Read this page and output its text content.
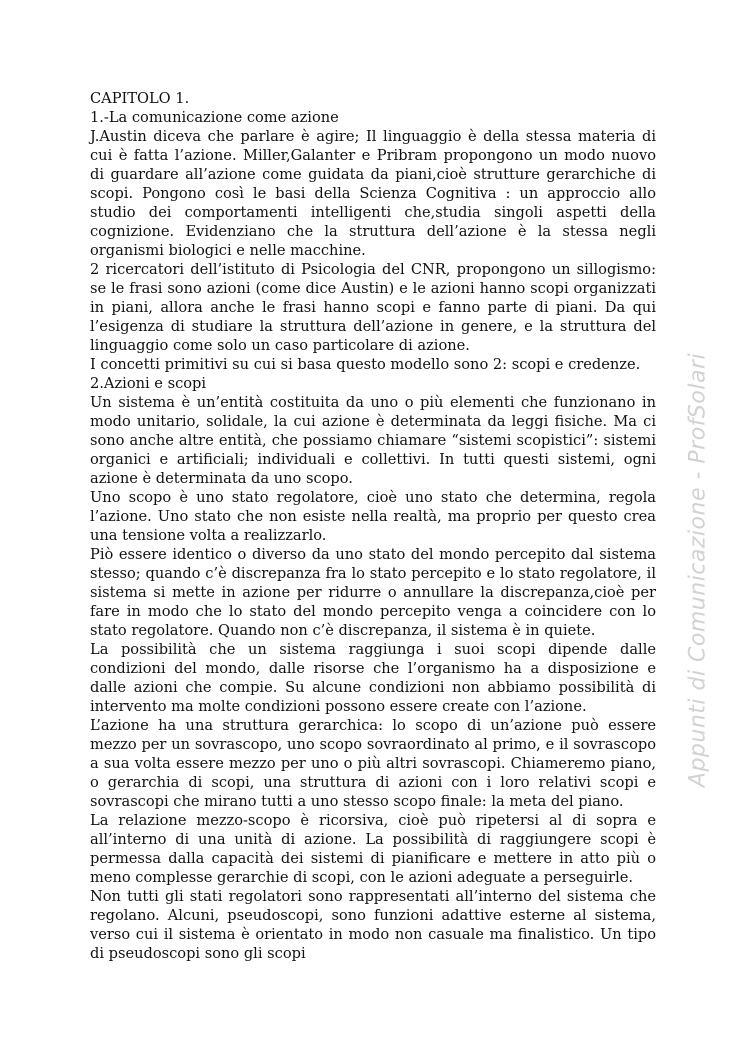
CAPITOLO 1.

1.-La comunicazione come azione

J.Austin diceva che parlare è agire; Il linguaggio è della stessa materia di cui è fatta l’azione. Miller,Galanter e Pribram propongono un modo nuovo di guardare all’azione come guidata da piani,cioè strutture gerarchiche di scopi. Pongono così le basi della Scienza Cognitiva : un approccio allo studio dei comportamenti intelligenti che,studia singoli aspetti della cognizione. Evidenziano che la struttura dell’azione è la stessa negli organismi biologici e nelle macchine.

2 ricercatori dell’istituto di Psicologia del CNR, propongono un sillogismo: se le frasi sono azioni (come dice Austin) e le azioni hanno scopi organizzati in piani, allora anche le frasi hanno scopi e fanno parte di piani. Da qui l’esigenza di studiare la struttura dell’azione in genere, e la struttura del linguaggio come solo un caso particolare di azione.

I concetti primitivi su cui si basa questo modello sono 2: scopi e credenze.

2.Azioni e scopi

Un sistema è un’entità costituita da uno o più elementi che funzionano in modo unitario, solidale, la cui azione è determinata da leggi fisiche. Ma ci sono anche altre entità, che possiamo chiamare “sistemi scopistici”: sistemi organici e artificiali; individuali e collettivi. In tutti questi sistemi, ogni azione è determinata da uno scopo.

Uno scopo è uno stato regolatore, cioè uno stato che determina, regola l’azione. Uno stato che non esiste nella realtà, ma proprio per questo crea una tensione volta a realizzarlo.

Piò essere identico o diverso da uno stato del mondo percepito dal sistema stesso; quando c’è discrepanza fra lo stato percepito e lo stato regolatore, il sistema si mette in azione per ridurre o annullare la discrepanza,cioè per fare in modo che lo stato del mondo percepito venga a coincidere con lo stato regolatore. Quando non c’è discrepanza, il sistema è in quiete.

La possibilità che un sistema raggiunga i suoi scopi dipende dalle condizioni del mondo, dalle risorse che l’organismo ha a disposizione e dalle azioni che compie. Su alcune condizioni non abbiamo possibilità di intervento ma molte condizioni possono essere create con l’azione.

L’azione ha una struttura gerarchica: lo scopo di un’azione può essere mezzo per un sovrascopo, uno scopo sovraordinato al primo, e il sovrascopo a sua volta essere mezzo per uno o più altri sovrascopi. Chiameremo piano, o gerarchia di scopi, una struttura di azioni con i loro relativi scopi e sovrascopi che mirano tutti a uno stesso scopo finale: la meta del piano.

La relazione mezzo-scopo è ricorsiva, cioè può ripetersi al di sopra e all’interno di una unità di azione. La possibilità di raggiungere scopi è permessa dalla capacità dei sistemi di pianificare e mettere in atto più o meno complesse gerarchie di scopi, con le azioni adeguate a perseguirle.

Non tutti gli stati regolatori sono rappresentati all’interno del sistema che regolano. Alcuni, pseudoscopi, sono funzioni adattive esterne al sistema, verso cui il sistema è orientato in modo non casuale ma finalistico. Un tipo di pseudoscopi sono gli scopi

Appunti di Comunicazione - ProfSolari
